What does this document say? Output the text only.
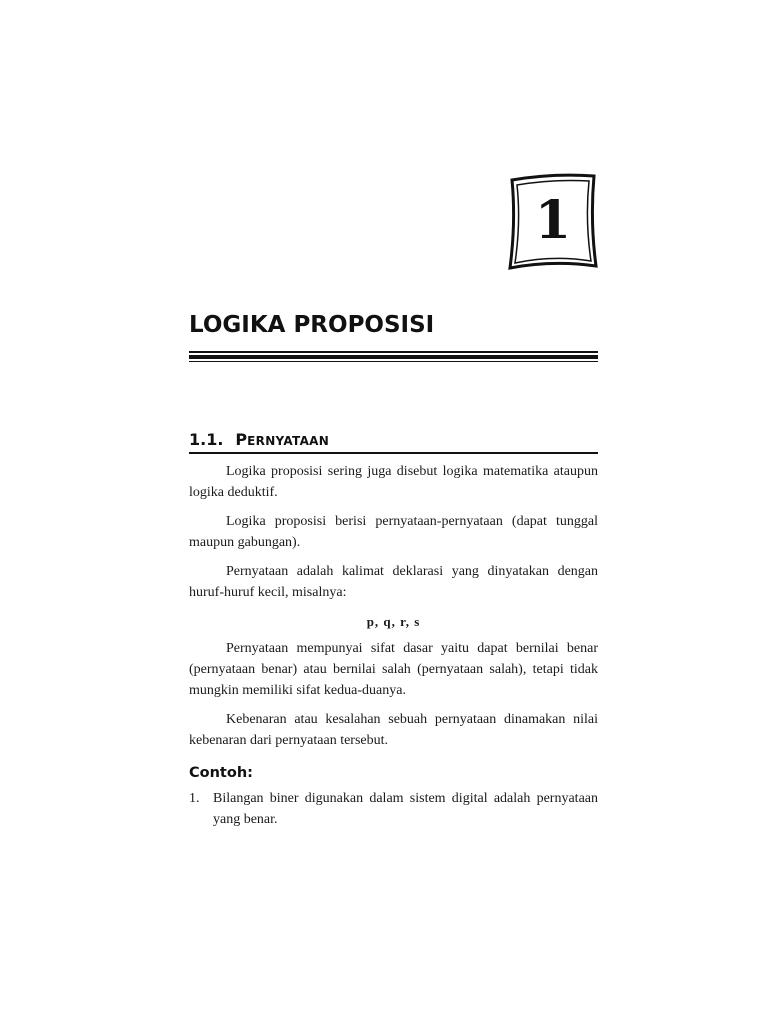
1
LOGIKA PROPOSISI
1.1. PERNYATAAN

Logika proposisi sering juga disebut logika matematika ataupun logika deduktif.

Logika proposisi berisi pernyataan-pernyataan (dapat tunggal maupun gabungan).

Pernyataan adalah kalimat deklarasi yang dinyatakan dengan huruf-huruf kecil, misalnya:

p, q, r, s

Pernyataan mempunyai sifat dasar yaitu dapat bernilai benar (pernyataan benar) atau bernilai salah (pernyataan salah), tetapi tidak mungkin memiliki sifat kedua-duanya.

Kebenaran atau kesalahan sebuah pernyataan dinamakan nilai kebenaran dari pernyataan tersebut.

Contoh:
1. Bilangan biner digunakan dalam sistem digital adalah pernyataan yang benar.
